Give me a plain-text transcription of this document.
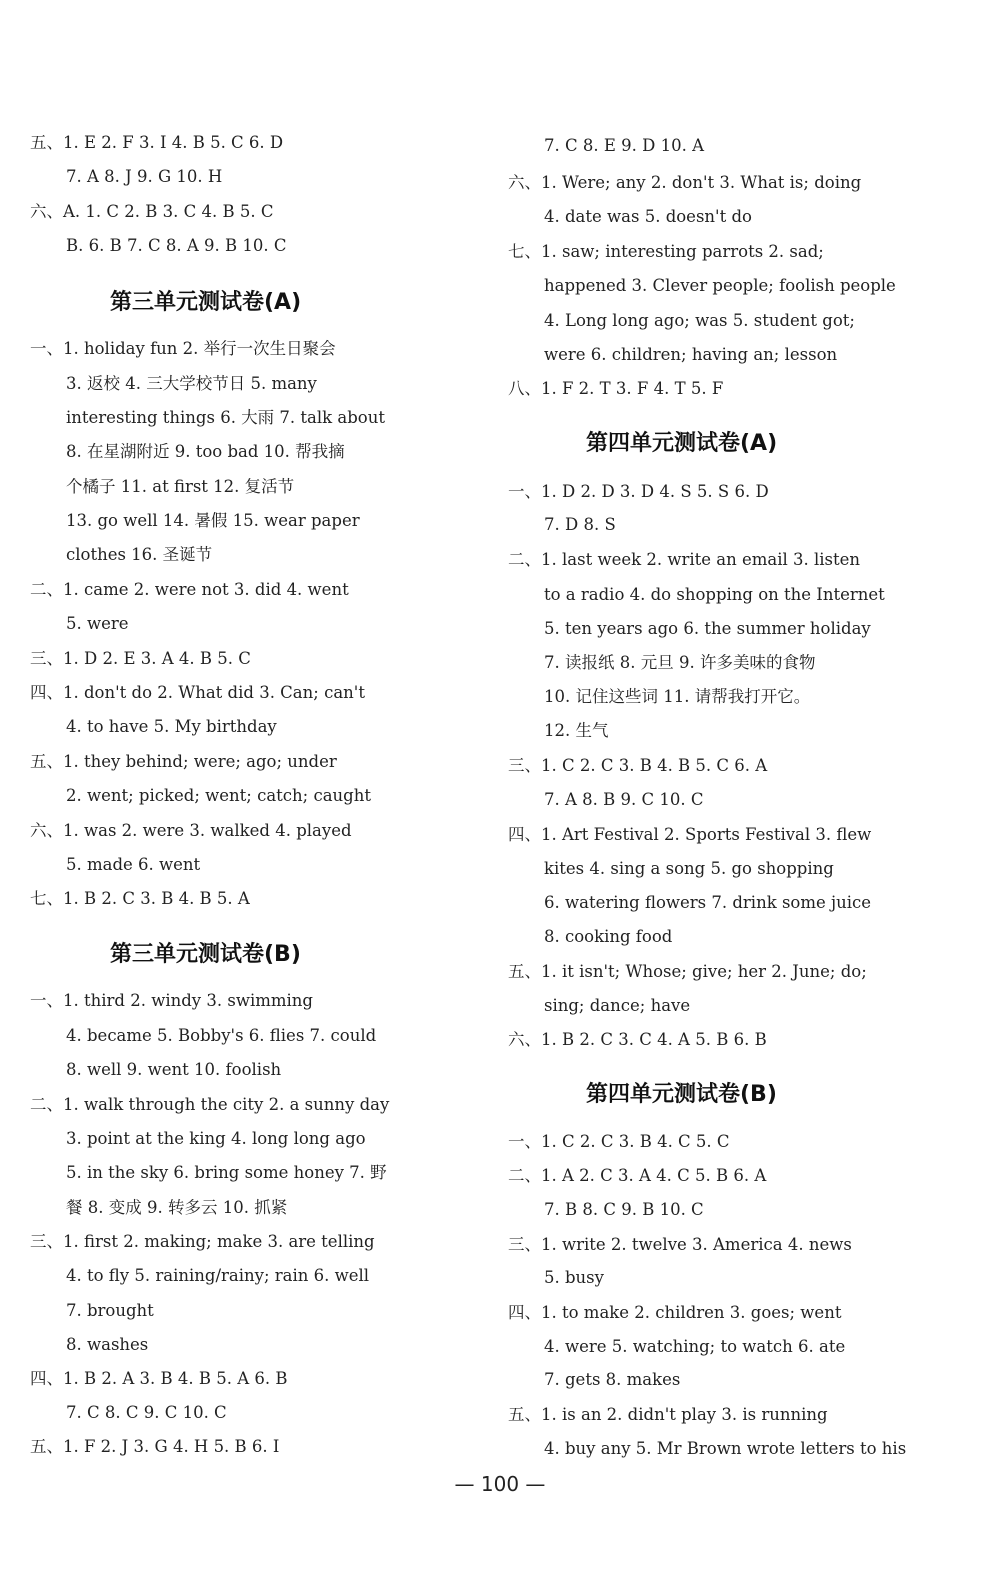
五、1. E 2. F 3. I 4. B 5. C 6. D
7. A 8. J 9. G 10. H
六、A. 1. C 2. B 3. C 4. B 5. C
B. 6. B 7. C 8. A 9. B 10. C
第三单元测试卷(A)
一、1. holiday fun 2. 举行一次生日聚会
3. 返校 4. 三大学校节日 5. many
interesting things 6. 大雨 7. talk about
8. 在星湖附近 9. too bad 10. 帮我摘
个橘子 11. at first 12. 复活节
13. go well 14. 暑假 15. wear paper
clothes 16. 圣诞节
二、1. came 2. were not 3. did 4. went
5. were
三、1. D 2. E 3. A 4. B 5. C
四、1. don't do 2. What did 3. Can; can't
4. to have 5. My birthday
五、1. they behind; were; ago; under
2. went; picked; went; catch; caught
六、1. was 2. were 3. walked 4. played
5. made 6. went
七、1. B 2. C 3. B 4. B 5. A
第三单元测试卷(B)
一、1. third 2. windy 3. swimming
4. became 5. Bobby's 6. flies 7. could
8. well 9. went 10. foolish
二、1. walk through the city 2. a sunny day
3. point at the king 4. long long ago
5. in the sky 6. bring some honey 7. 野
餐 8. 变成 9. 转多云 10. 抓紧
三、1. first 2. making; make 3. are telling
4. to fly 5. raining/rainy; rain 6. well
7. brought
8. washes
四、1. B 2. A 3. B 4. B 5. A 6. B
7. C 8. C 9. C 10. C
五、1. F 2. J 3. G 4. H 5. B 6. I
7. C 8. E 9. D 10. A
六、1. Were; any 2. don't 3. What is; doing
4. date was 5. doesn't do
七、1. saw; interesting parrots 2. sad;
happened 3. Clever people; foolish people
4. Long long ago; was 5. student got;
were 6. children; having an; lesson
八、1. F 2. T 3. F 4. T 5. F
第四单元测试卷(A)
一、1. D 2. D 3. D 4. S 5. S 6. D
7. D 8. S
二、1. last week 2. write an email 3. listen
to a radio 4. do shopping on the Internet
5. ten years ago 6. the summer holiday
7. 读报纸 8. 元旦 9. 许多美味的食物
10. 记住这些词 11. 请帮我打开它。
12. 生气
三、1. C 2. C 3. B 4. B 5. C 6. A
7. A 8. B 9. C 10. C
四、1. Art Festival 2. Sports Festival 3. flew
kites 4. sing a song 5. go shopping
6. watering flowers 7. drink some juice
8. cooking food
五、1. it isn't; Whose; give; her 2. June; do;
sing; dance; have
六、1. B 2. C 3. C 4. A 5. B 6. B
第四单元测试卷(B)
一、1. C 2. C 3. B 4. C 5. C
二、1. A 2. C 3. A 4. C 5. B 6. A
7. B 8. C 9. B 10. C
三、1. write 2. twelve 3. America 4. news
5. busy
四、1. to make 2. children 3. goes; went
4. were 5. watching; to watch 6. ate
7. gets 8. makes
五、1. is an 2. didn't play 3. is running
4. buy any 5. Mr Brown wrote letters to his
— 100 —
